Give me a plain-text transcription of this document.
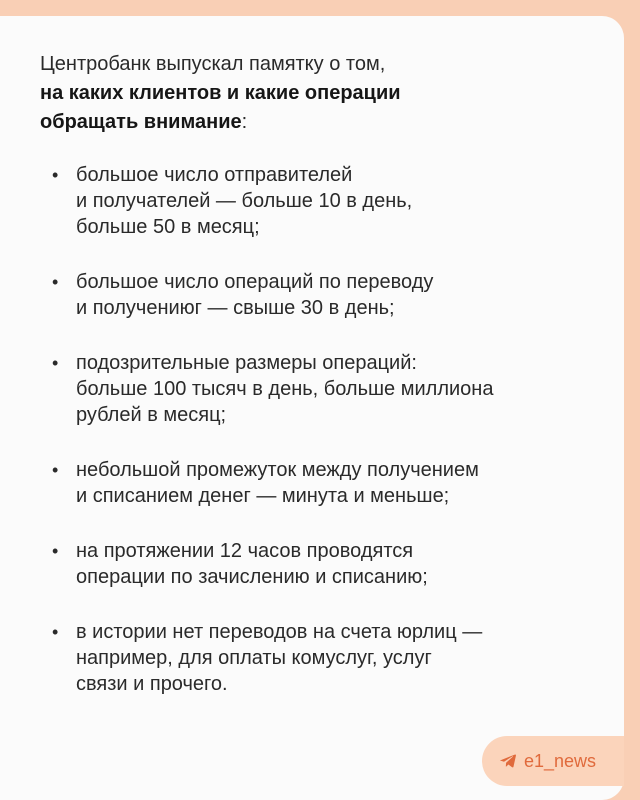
Центробанк выпускал памятку о том,
на каких клиентов и какие операции
обращать внимание:

• большое число отправителей
и получателей — больше 10 в день,
больше 50 в месяц;
• большое число операций по переводу
и получениюг — свыше 30 в день;
• подозрительные размеры операций:
больше 100 тысяч в день, больше миллиона
рублей в месяц;
• небольшой промежуток между получением
и списанием денег — минута и меньше;
• на протяжении 12 часов проводятся
операции по зачислению и списанию;
• в истории нет переводов на счета юрлиц —
например, для оплаты комуслуг, услуг
связи и прочего.
e1_news
